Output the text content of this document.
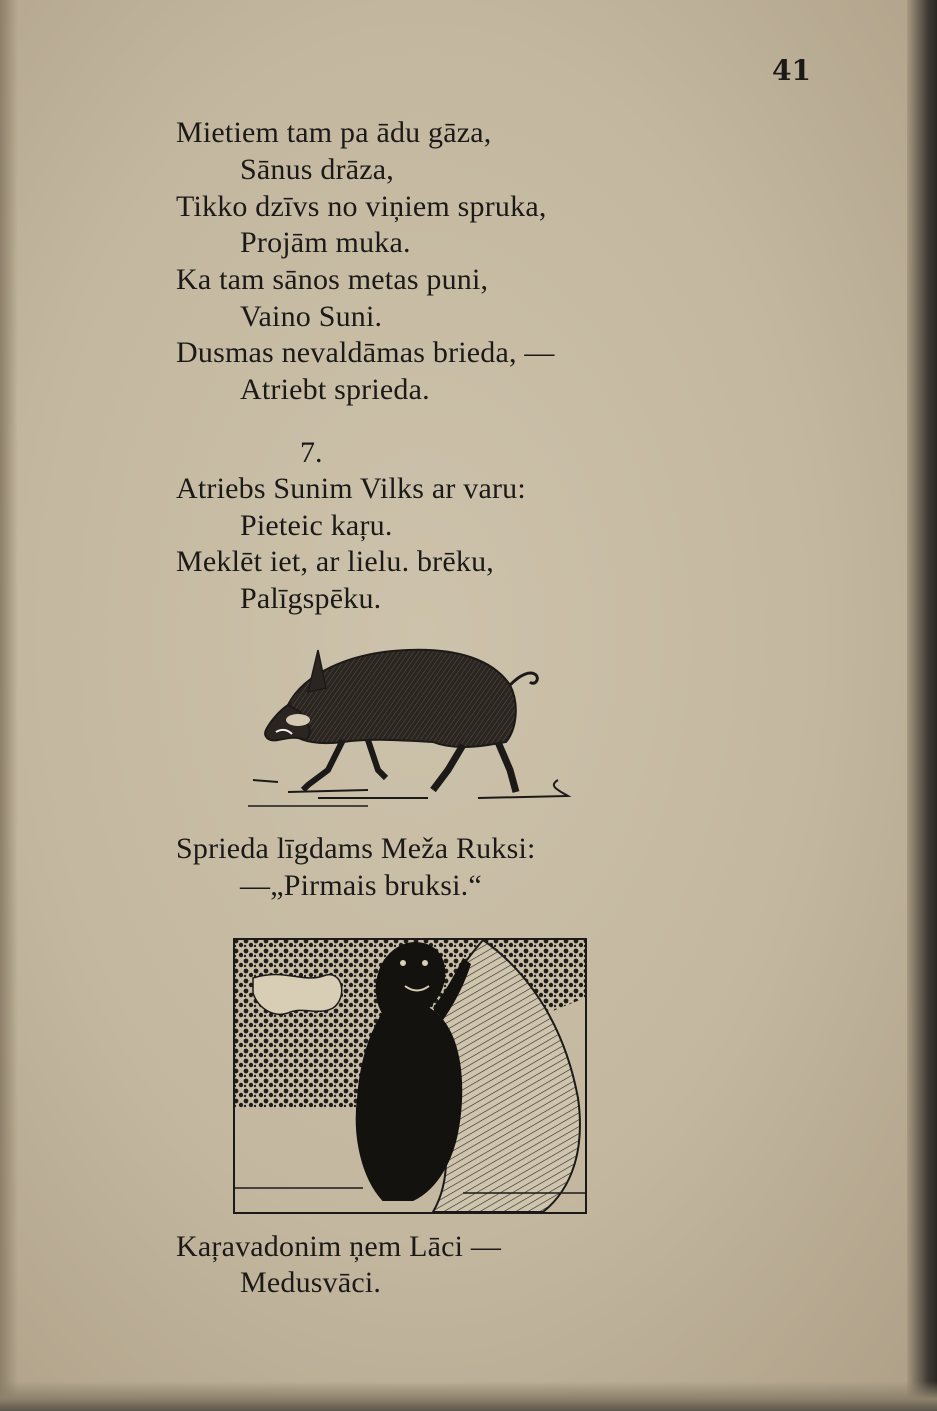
41
Mietiem tam pa ādu gāza,
Sānus drāza,
Tikko dzīvs no viņiem spruka,
Projām muka.
Ka tam sānos metas puni,
Vaino Suni.
Dusmas nevaldāmas brieda, —
Atriebt sprieda.
7.
Atriebs Sunim Vilks ar varu:
Pieteic kaŗu.
Meklēt iet, ar lielu. brēku,
Palīgspēku.
Sprieda līgdams Meža Ruksi:
—„Pirmais bruksi.“
Kaŗavadonim ņem Lāci —
Medusvāci.
